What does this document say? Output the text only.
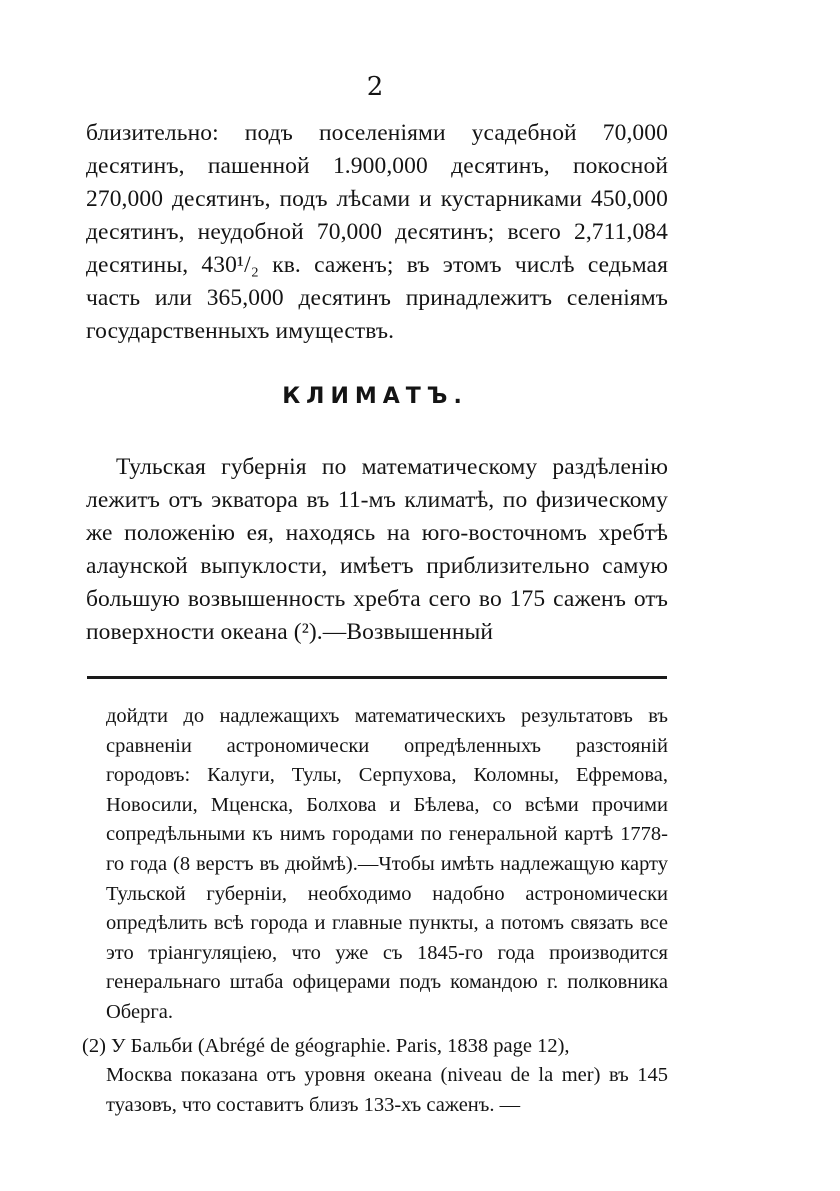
2

близительно: подъ поселеніями усадебной 70,000 десятинъ, пашенной 1.900,000 десятинъ, покосной 270,000 десятинъ, подъ лѣсами и кустарниками 450,000 десятинъ, неудобной 70,000 десятинъ; всего 2,711,084 десятины, 430¹/₂ кв. саженъ; въ этомъ числѣ седьмая часть или 365,000 десятинъ принадлежитъ селеніямъ государственныхъ имуществъ.

КЛИМАТЪ.

Тульская губернія по математическому раздѣленію лежитъ отъ экватора въ 11-мъ климатѣ, по физическому же положенію ея, находясь на юго-восточномъ хребтѣ алаунской выпуклости, имѣетъ приблизительно самую большую возвышенность хребта сего во 175 саженъ отъ поверхности океана (²).—Возвышенный

дойдти до надлежащихъ математическихъ результатовъ въ сравненіи астрономически опредѣленныхъ разстояній городовъ: Калуги, Тулы, Серпухова, Коломны, Ефремова, Новосили, Мценска, Болхова и Бѣлева, со всѣми прочими сопредѣльными къ нимъ городами по генеральной картѣ 1778-го года (8 верстъ въ дюймѣ).—Чтобы имѣть надлежащую карту Тульской губерніи, необходимо надобно астрономически опредѣлить всѣ города и главные пункты, а потомъ связать все это тріангуляціею, что уже съ 1845-го года производится генеральнаго штаба офицерами подъ командою г. полковника Оберга.

(2) У Бальби (Abrégé de géographie. Paris, 1838 page 12),
Москва показана отъ уровня океана (niveau de la mer) въ 145 туазовъ, что составитъ близъ 133-хъ саженъ. —
